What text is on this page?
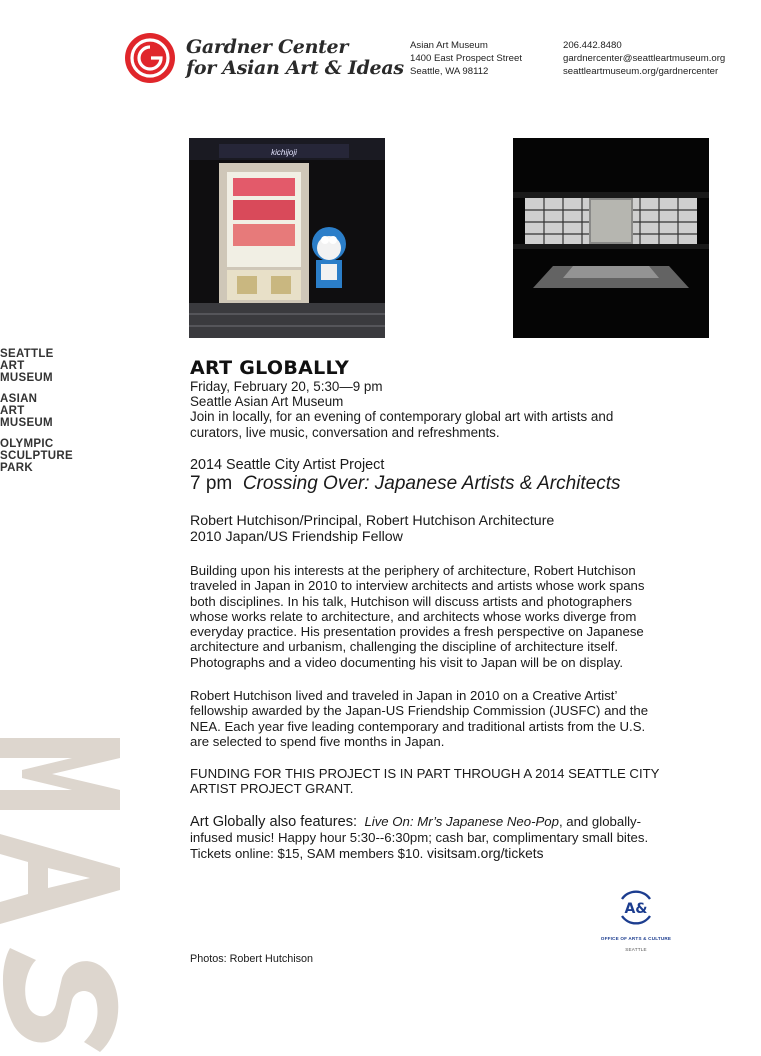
Gardner Center
for Asian Art & Ideas
Asian Art Museum
1400 East Prospect Street
Seattle, WA 98112
206.442.8480
gardnercenter@seattleartmuseum.org
seattleartmuseum.org/gardnercenter
kichijoji
SEATTLE
ART
MUSEUM
ASIAN
ART
MUSEUM
OLYMPIC
SCULPTURE
PARK
ART GLOBALLY
Friday, February 20, 5:30—9 pm
Seattle Asian Art Museum
Join in locally, for an evening of contemporary global art with artists and
curators, live music, conversation and refreshments.
2014 Seattle City Artist Project
7 pm Crossing Over: Japanese Artists & Architects
Robert Hutchison/Principal, Robert Hutchison Architecture
2010 Japan/US Friendship Fellow
Building upon his interests at the periphery of architecture, Robert Hutchison
traveled in Japan in 2010 to interview architects and artists whose work spans
both disciplines. In his talk, Hutchison will discuss artists and photographers
whose works relate to architecture, and architects whose works diverge from
everyday practice. His presentation provides a fresh perspective on Japanese
architecture and urbanism, challenging the discipline of architecture itself.
Photographs and a video documenting his visit to Japan will be on display.
Robert Hutchison lived and traveled in Japan in 2010 on a Creative Artist’
fellowship awarded by the Japan-US Friendship Commission (JUSFC) and the
NEA. Each year five leading contemporary and traditional artists from the U.S.
are selected to spend five months in Japan.
FUNDING FOR THIS PROJECT IS IN PART THROUGH A 2014 SEATTLE CITY
ARTIST PROJECT GRANT.
Art Globally also features: Live On: Mr’s Japanese Neo-Pop, and globally-
infused music! Happy hour 5:30--6:30pm; cash bar, complimentary small bites.
Tickets online: $15, SAM members $10. visitsam.org/tickets
Photos: Robert Hutchison
A&
OFFICE OF ARTS & CULTURE
SEATTLE
